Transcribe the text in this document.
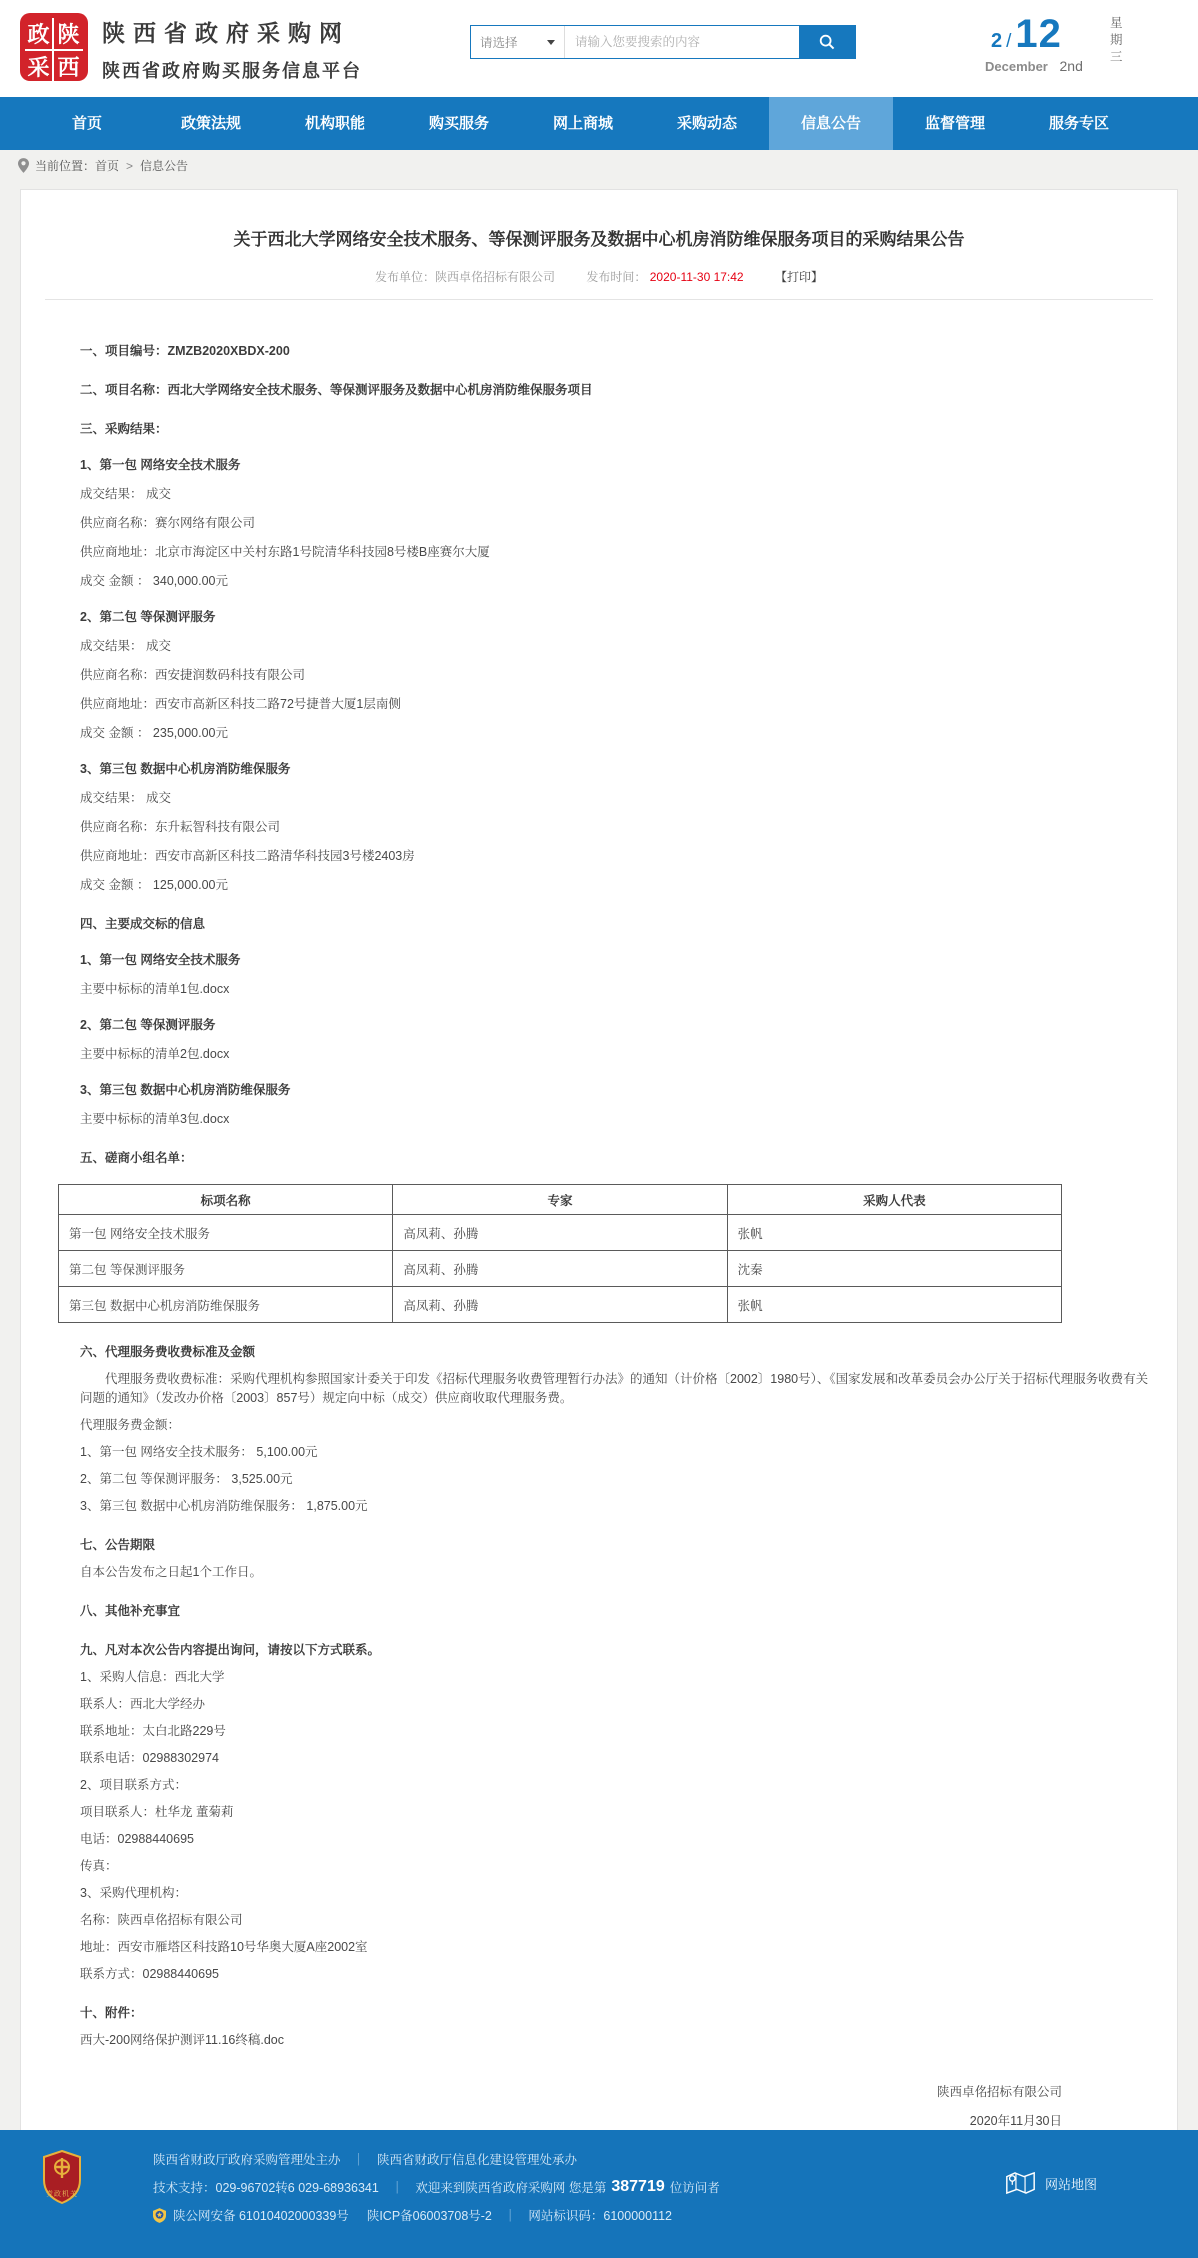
政 陕
采 西
陕西省政府采购网
陕西省政府购买服务信息平台
请选择
请输入您要搜索的内容	2 / 12
December 2nd
星期三
首页	政策法规	机构职能	购买服务	网上商城	采购动态	信息公告	监督管理	服务专区
当前位置： 首页 > 信息公告
关于西北大学网络安全技术服务、等保测评服务及数据中心机房消防维保服务项目的采购结果公告
发布单位：陕西卓佲招标有限公司	发布时间： 2020-11-30 17:42	【打印】
一、项目编号：ZMZB2020XBDX-200
二、项目名称：西北大学网络安全技术服务、等保测评服务及数据中心机房消防维保服务项目
三、采购结果：
1、第一包 网络安全技术服务

成交结果： 成交

供应商名称：赛尔网络有限公司

供应商地址：北京市海淀区中关村东路1号院清华科技园8号楼B座赛尔大厦

成交 金额 ： 340,000.00元

2、第二包 等保测评服务

成交结果： 成交

供应商名称：西安捷润数码科技有限公司

供应商地址：西安市高新区科技二路72号捷普大厦1层南侧

成交 金额 ： 235,000.00元

3、第三包 数据中心机房消防维保服务

成交结果： 成交

供应商名称：东升耘智科技有限公司

供应商地址：西安市高新区科技二路清华科技园3号楼2403房

成交 金额 ： 125,000.00元

四、主要成交标的信息
1、第一包 网络安全技术服务

主要中标标的清单1包.docx

2、第二包 等保测评服务

主要中标标的清单2包.docx

3、第三包 数据中心机房消防维保服务

主要中标标的清单3包.docx

五、磋商小组名单：
标项名称	专家	采购人代表
第一包 网络安全技术服务	高凤莉、孙腾	张帆
第二包 等保测评服务	高凤莉、孙腾	沈秦
第三包 数据中心机房消防维保服务	高凤莉、孙腾	张帆
六、代理服务费收费标准及金额

代理服务费收费标准：采购代理机构参照国家计委关于印发《招标代理服务收费管理暂行办法》的通知（计价格〔2002〕1980号）、《国家发展和改革委员会办公厅关于招标代理服务收费有关问题的通知》（发改办价格〔2003〕857号）规定向中标（成交）供应商收取代理服务费。

代理服务费金额：

1、第一包 网络安全技术服务： 5,100.00元

2、第二包 等保测评服务： 3,525.00元

3、第三包 数据中心机房消防维保服务： 1,875.00元

七、公告期限

自本公告发布之日起1个工作日。

八、其他补充事宜
九、凡对本次公告内容提出询问，请按以下方式联系。

1、采购人信息：西北大学

联系人：西北大学经办

联系地址：太白北路229号

联系电话：02988302974

2、项目联系方式：

项目联系人：杜华龙 董菊莉

电话：02988440695

传真：

3、采购代理机构：

名称：陕西卓佲招标有限公司

地址：西安市雁塔区科技路10号华奥大厦A座2002室

联系方式：02988440695

十、附件：

西大-200网络保护测评11.16终稿.doc

陕西卓佲招标有限公司
2020年11月30日
党政机关
陕西省财政厅政府采购管理处主办 ｜ 陕西省财政厅信息化建设管理处承办
技术支持：029-96702转6 029-68936341 ｜ 欢迎来到陕西省政府采购网 您是第 387719 位访问者
陕公网安备 61010402000339号 陕ICP备06003708号-2 ｜ 网站标识码：6100000112
网站地图
